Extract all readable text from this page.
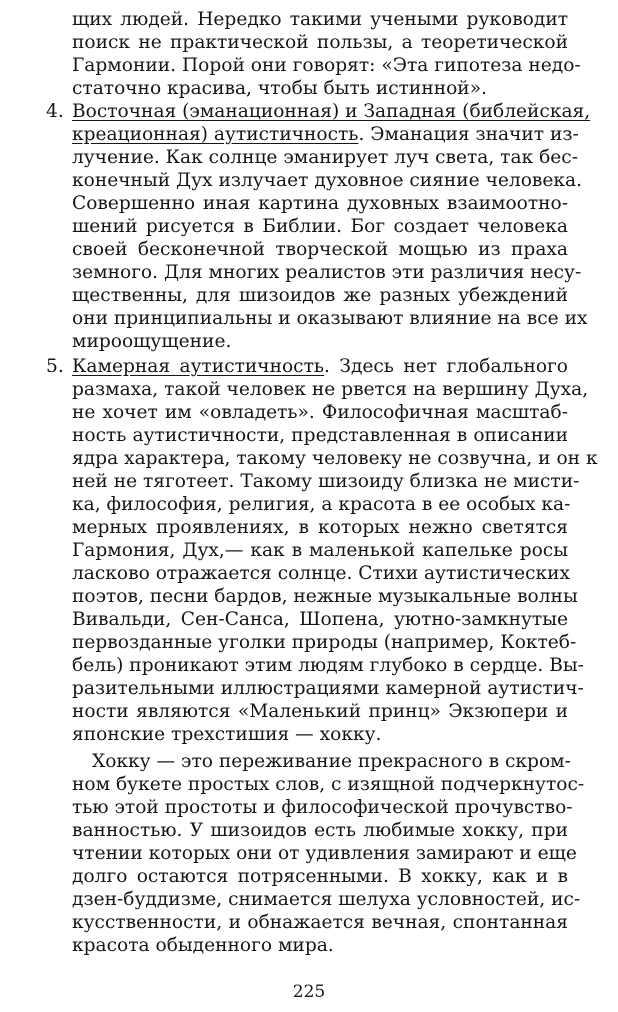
щих людей. Нередко такими учеными руководит
поиск не практической пользы, а теоретической
Гармонии. Порой они говорят: «Эта гипотеза недо-
статочно красива, чтобы быть истинной».
4. Восточная (эманационная) и Западная (библейская,
креационная) аутистичность. Эманация значит из-
лучение. Как солнце эманирует луч света, так бес-
конечный Дух излучает духовное сияние человека.
Совершенно иная картина духовных взаимоотно-
шений рисуется в Библии. Бог создает человека
своей бесконечной творческой мощью из праха
земного. Для многих реалистов эти различия несу-
щественны, для шизоидов же разных убеждений
они принципиальны и оказывают влияние на все их
мироощущение.
5. Камерная аутистичность. Здесь нет глобального
размаха, такой человек не рвется на вершину Духа,
не хочет им «овладеть». Философичная масштаб-
ность аутистичности, представленная в описании
ядра характера, такому человеку не созвучна, и он к
ней не тяготеет. Такому шизоиду близка не мисти-
ка, философия, религия, а красота в ее особых ка-
мерных проявлениях, в которых нежно светятся
Гармония, Дух,— как в маленькой капельке росы
ласково отражается солнце. Стихи аутистических
поэтов, песни бардов, нежные музыкальные волны
Вивальди, Сен-Санса, Шопена, уютно-замкнутые
первозданные уголки природы (например, Коктеб-
бель) проникают этим людям глубоко в сердце. Вы-
разительными иллюстрациями камерной аутистич-
ности являются «Маленький принц» Экзюпери и
японские трехстишия — хокку.
Хокку — это переживание прекрасного в скром-
ном букете простых слов, с изящной подчеркнутос-
тью этой простоты и философической прочувство-
ванностью. У шизоидов есть любимые хокку, при
чтении которых они от удивления замирают и еще
долго остаются потрясенными. В хокку, как и в
дзен-буддизме, снимается шелуха условностей, ис-
кусственности, и обнажается вечная, спонтанная
красота обыденного мира.
225
